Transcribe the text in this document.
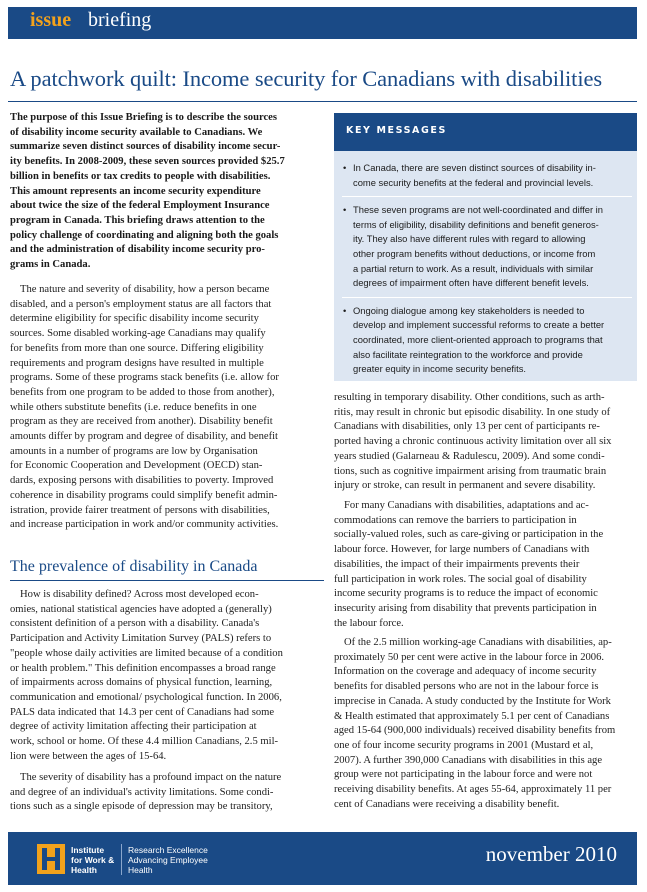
issue briefing
A patchwork quilt: Income security for Canadians with disabilities
The purpose of this Issue Briefing is to describe the sources
of disability income security available to Canadians. We
summarize seven distinct sources of disability income secur-
ity benefits. In 2008-2009, these seven sources provided $25.7
billion in benefits or tax credits to people with disabilities.
This amount represents an income security expenditure
about twice the size of the federal Employment Insurance
program in Canada. This briefing draws attention to the
policy challenge of coordinating and aligning both the goals
and the administration of disability income security pro-
grams in Canada.
The nature and severity of disability, how a person became
disabled, and a person's employment status are all factors that
determine eligibility for specific disability income security
sources. Some disabled working-age Canadians may qualify
for benefits from more than one source. Differing eligibility
requirements and program designs have resulted in multiple
programs. Some of these programs stack benefits (i.e. allow for
benefits from one program to be added to those from another),
while others substitute benefits (i.e. reduce benefits in one
program as they are received from another). Disability benefit
amounts differ by program and degree of disability, and benefit
amounts in a number of programs are low by Organisation
for Economic Cooperation and Development (OECD) stan-
dards, exposing persons with disabilities to poverty. Improved
coherence in disability programs could simplify benefit admin-
istration, provide fairer treatment of persons with disabilities,
and increase participation in work and/or community activities.
The prevalence of disability in Canada
How is disability defined? Across most developed econ-
omies, national statistical agencies have adopted a (generally)
consistent definition of a person with a disability. Canada's
Participation and Activity Limitation Survey (PALS) refers to
"people whose daily activities are limited because of a condition
or health problem." This definition encompasses a broad range
of impairments across domains of physical function, learning,
communication and emotional/ psychological function. In 2006,
PALS data indicated that 14.3 per cent of Canadians had some
degree of activity limitation affecting their participation at
work, school or home. Of these 4.4 million Canadians, 2.5 mil-
lion were between the ages of 15-64.
The severity of disability has a profound impact on the nature
and degree of an individual's activity limitations. Some condi-
tions such as a single episode of depression may be transitory,
KEY MESSAGES
• In Canada, there are seven distinct sources of disability in-
come security benefits at the federal and provincial levels.
• These seven programs are not well-coordinated and differ in
terms of eligibility, disability definitions and benefit generos-
ity. They also have different rules with regard to allowing
other program benefits without deductions, or income from
a partial return to work. As a result, individuals with similar
degrees of impairment often have different benefit levels.
• Ongoing dialogue among key stakeholders is needed to
develop and implement successful reforms to create a better
coordinated, more client-oriented approach to programs that
also facilitate reintegration to the workforce and provide
greater equity in income security benefits.
resulting in temporary disability. Other conditions, such as arth-
ritis, may result in chronic but episodic disability. In one study of
Canadians with disabilities, only 13 per cent of participants re-
ported having a chronic continuous activity limitation over all six
years studied (Galarneau & Radulescu, 2009). And some condi-
tions, such as cognitive impairment arising from traumatic brain
injury or stroke, can result in permanent and severe disability.
For many Canadians with disabilities, adaptations and ac-
commodations can remove the barriers to participation in
socially-valued roles, such as care-giving or participation in the
labour force. However, for large numbers of Canadians with
disabilities, the impact of their impairments prevents their
full participation in work roles. The social goal of disability
income security programs is to reduce the impact of economic
insecurity arising from disability that prevents participation in
the labour force.
Of the 2.5 million working-age Canadians with disabilities, ap-
proximately 50 per cent were active in the labour force in 2006.
Information on the coverage and adequacy of income security
benefits for disabled persons who are not in the labour force is
imprecise in Canada. A study conducted by the Institute for Work
& Health estimated that approximately 5.1 per cent of Canadians
aged 15-64 (900,000 individuals) received disability benefits from
one of four income security programs in 2001 (Mustard et al,
2007). A further 390,000 Canadians with disabilities in this age
group were not participating in the labour force and were not
receiving disability benefits. At ages 55-64, approximately 11 per
cent of Canadians were receiving a disability benefit.
Institute
for Work &
Health
Research Excellence
Advancing Employee
Health
november 2010
